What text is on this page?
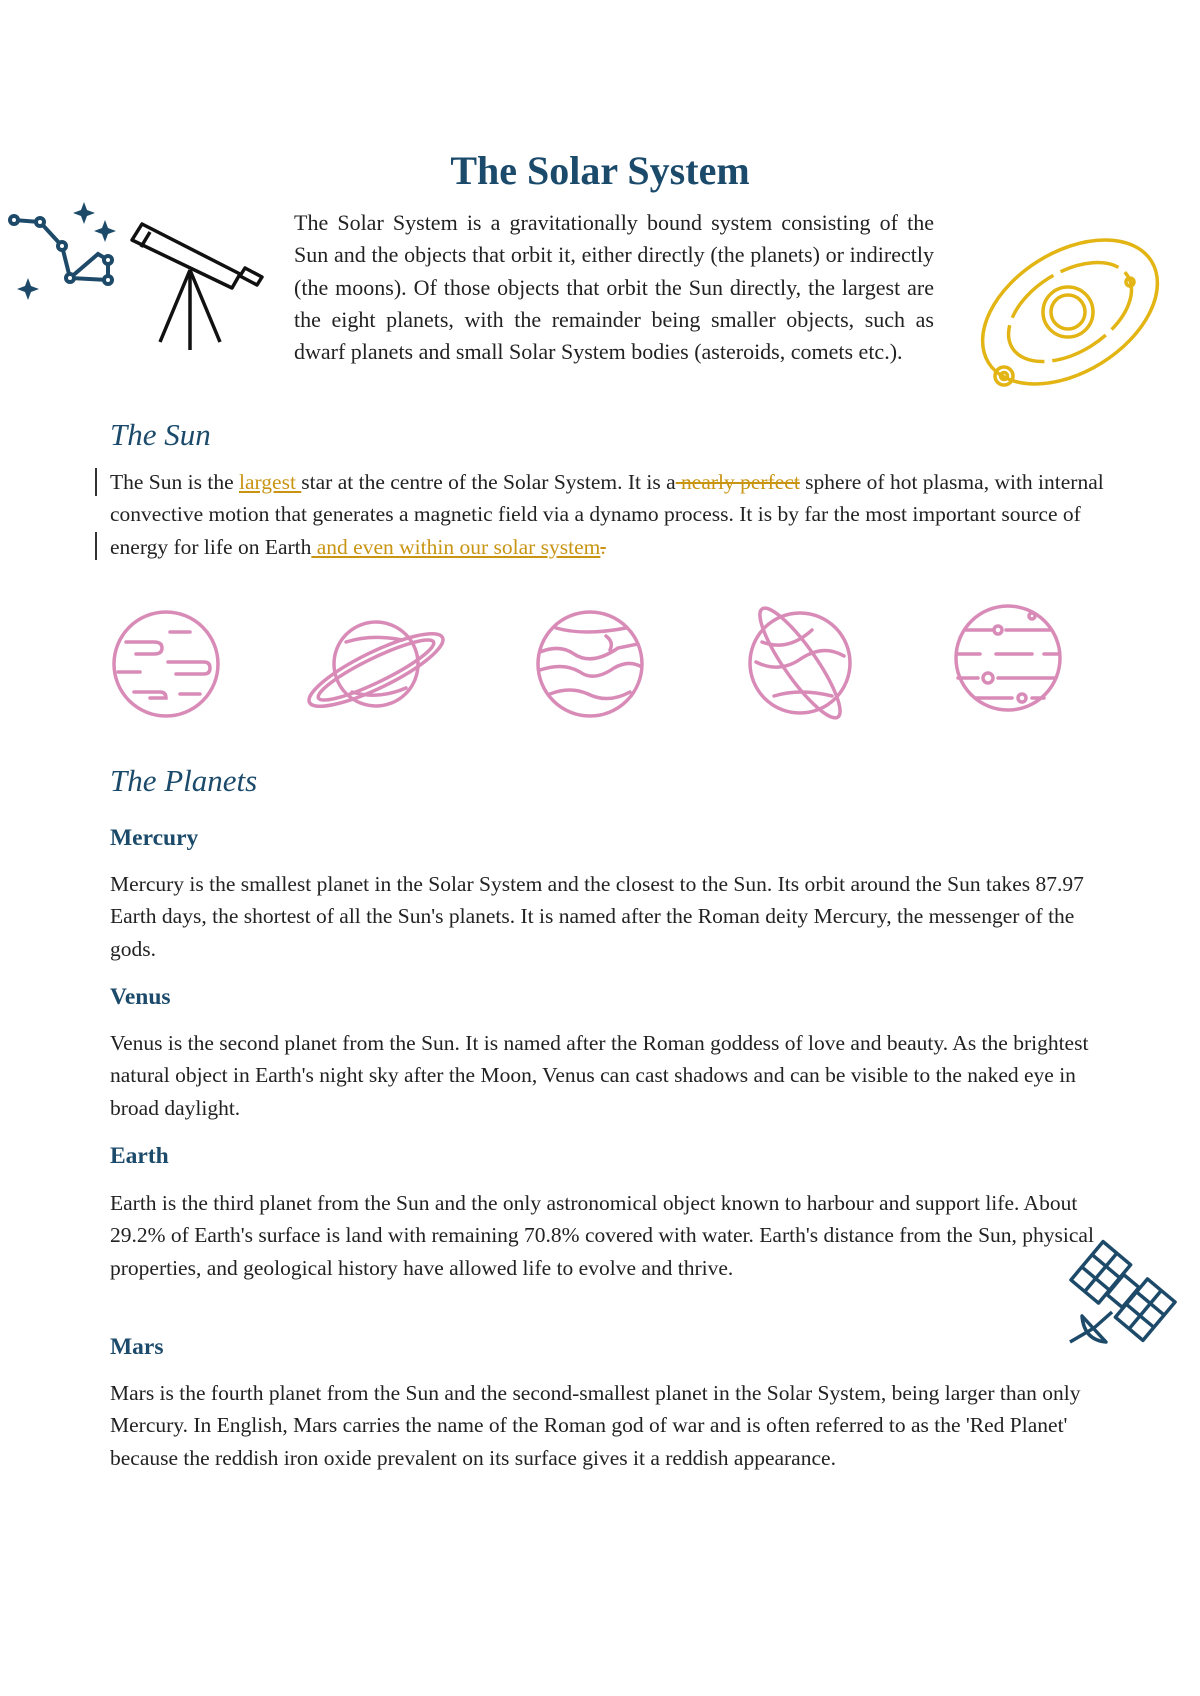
The Solar System

The Solar System is a gravitationally bound system consisting of the Sun and the objects that orbit it, either directly (the planets) or indirectly (the moons). Of those objects that orbit the Sun directly, the largest are the eight planets, with the remainder being smaller objects, such as dwarf planets and small Solar System bodies (asteroids, comets etc.).

The Sun

The Sun is the largest star at the centre of the Solar System. It is a nearly perfect sphere of hot plasma, with internal convective motion that generates a magnetic field via a dynamo process. It is by far the most important source of energy for life on Earth and even within our solar system.

The Planets
Mercury

Mercury is the smallest planet in the Solar System and the closest to the Sun. Its orbit around the Sun takes 87.97 Earth days, the shortest of all the Sun's planets. It is named after the Roman deity Mercury, the messenger of the gods.

Venus

Venus is the second planet from the Sun. It is named after the Roman goddess of love and beauty. As the brightest natural object in Earth's night sky after the Moon, Venus can cast shadows and can be visible to the naked eye in broad daylight.

Earth

Earth is the third planet from the Sun and the only astronomical object known to harbour and support life. About 29.2% of Earth's surface is land with remaining 70.8% covered with water. Earth's distance from the Sun, physical properties, and geological history have allowed life to evolve and thrive.

Mars

Mars is the fourth planet from the Sun and the second-smallest planet in the Solar System, being larger than only Mercury. In English, Mars carries the name of the Roman god of war and is often referred to as the 'Red Planet' because the reddish iron oxide prevalent on its surface gives it a reddish appearance.
